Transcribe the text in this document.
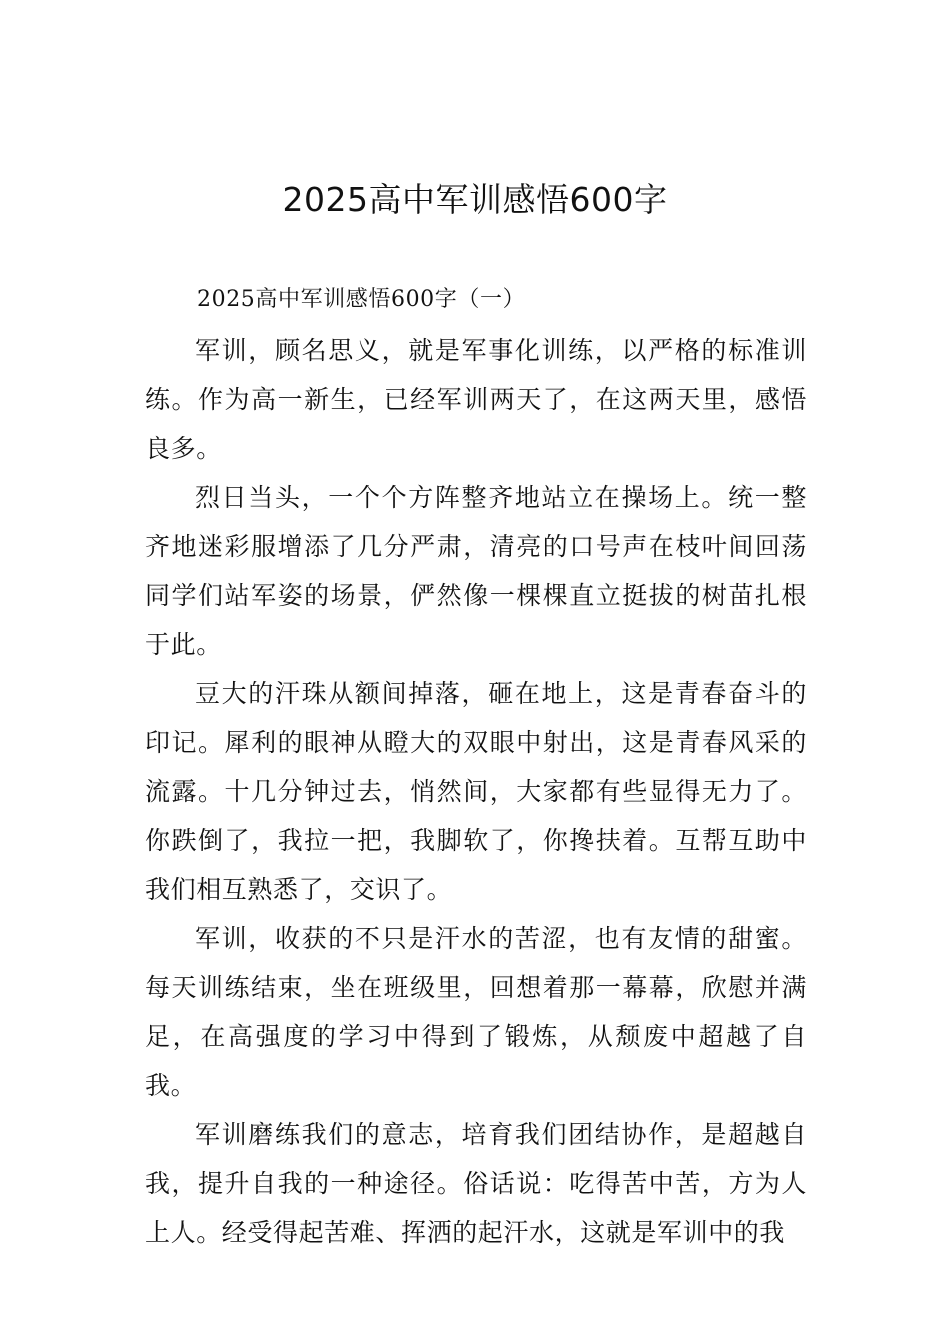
2025高中军训感悟600字

2025高中军训感悟600字（一）

军训，顾名思义，就是军事化训练，以严格的标准训练。作为高一新生，已经军训两天了，在这两天里，感悟良多。

烈日当头，一个个方阵整齐地站立在操场上。统一整齐地迷彩服增添了几分严肃，清亮的口号声在枝叶间回荡同学们站军姿的场景，俨然像一棵棵直立挺拔的树苗扎根于此。

豆大的汗珠从额间掉落，砸在地上，这是青春奋斗的印记。犀利的眼神从瞪大的双眼中射出，这是青春风采的流露。十几分钟过去，悄然间，大家都有些显得无力了。你跌倒了，我拉一把，我脚软了，你搀扶着。互帮互助中我们相互熟悉了，交识了。

军训，收获的不只是汗水的苦涩，也有友情的甜蜜。每天训练结束，坐在班级里，回想着那一幕幕，欣慰并满足，在高强度的学习中得到了锻炼，从颓废中超越了自我。

军训磨练我们的意志，培育我们团结协作，是超越自我，提升自我的一种途径。俗话说：吃得苦中苦，方为人上人。经受得起苦难、挥洒的起汗水，这就是军训中的我
